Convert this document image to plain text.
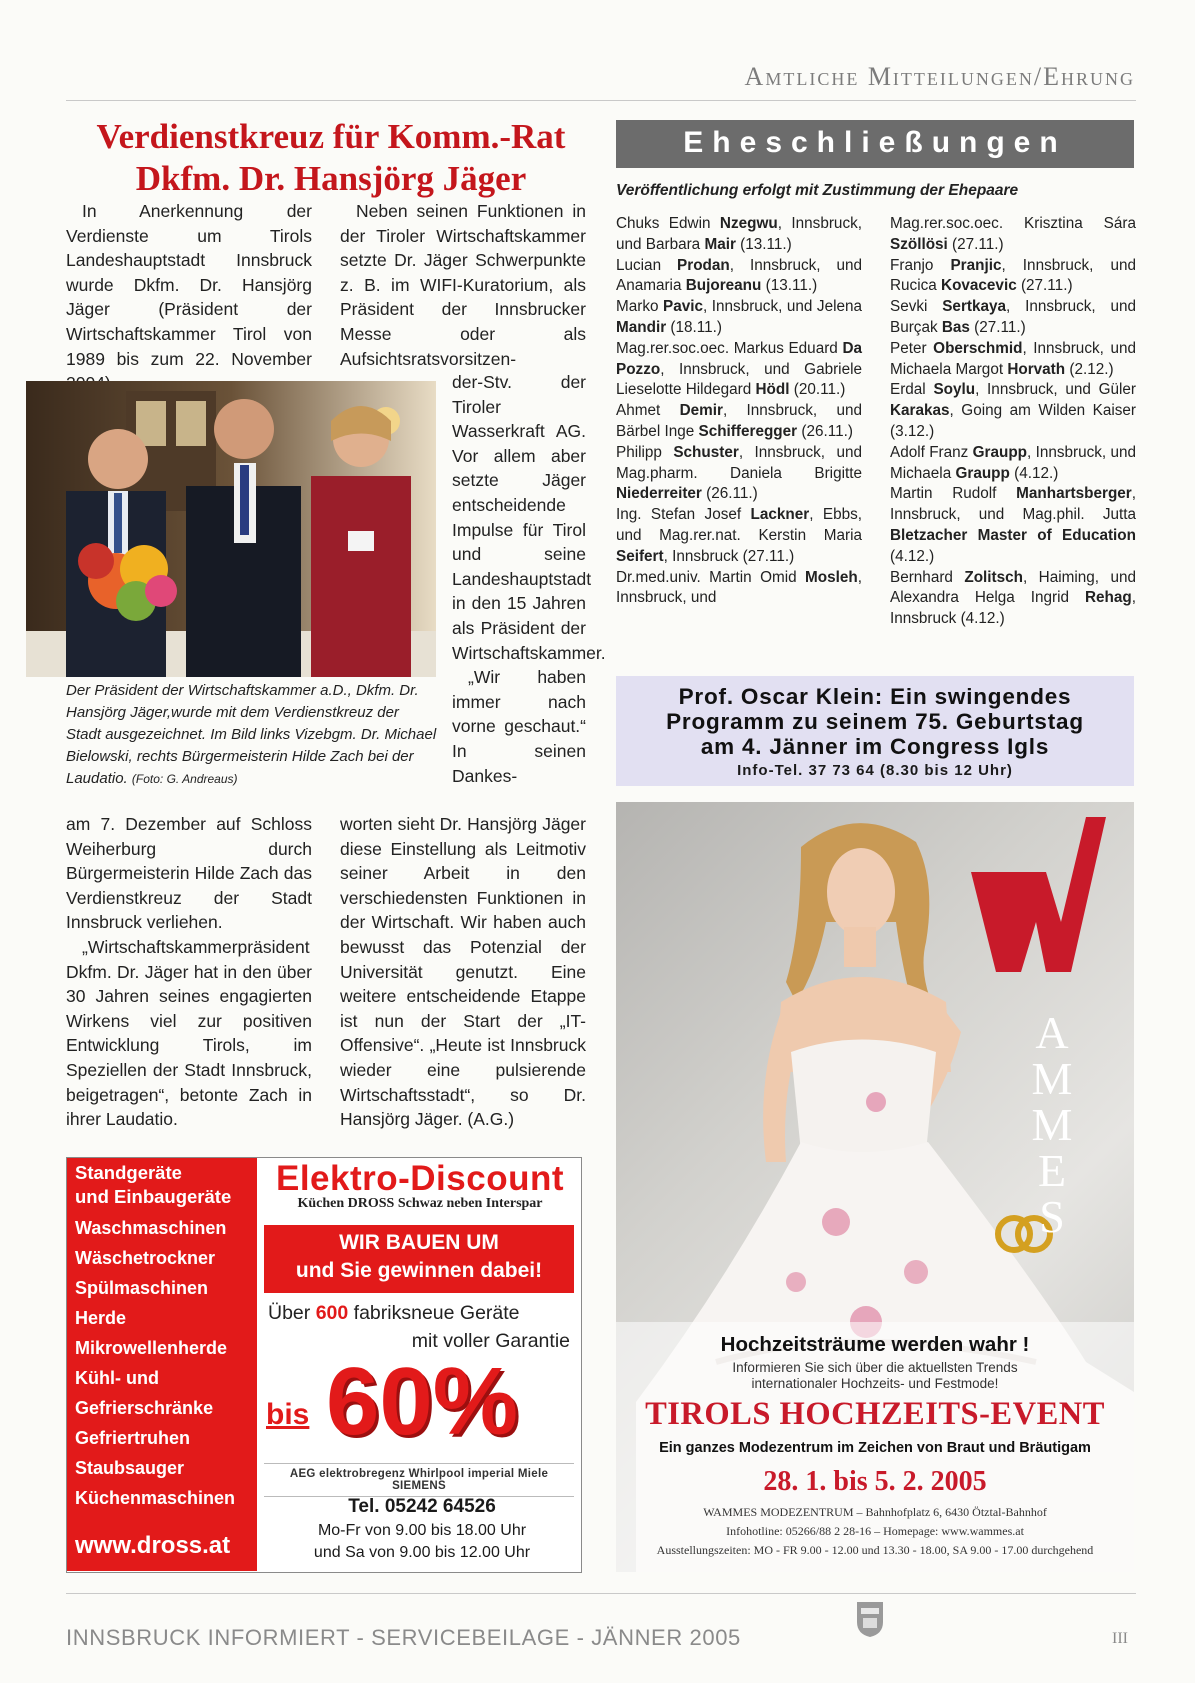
Amtliche Mitteilungen/Ehrung
Verdienstkreuz für Komm.-Rat
Dkfm. Dr. Hansjörg Jäger

In Anerkennung der Verdienste um Tirols Landeshauptstadt Innsbruck wurde Dkfm. Dr. Hansjörg Jäger (Präsident der Wirtschaftskammer Tirol von 1989 bis zum 22. November

Neben seinen Funktionen in der Tiroler Wirtschaftskammer setzte Dr. Jäger Schwerpunkte z. B. im WIFI-Kuratorium, als Präsident der Innsbrucker Messe oder als Aufsichtsratsvorsitzen-

der-Stv. der Tiroler Wasserkraft AG. Vor allem aber setzte Jäger entscheidende Impulse für Tirol und seine Landeshauptstadt in den 15 Jahren als Präsident der Wirtschaftskammer.

„Wir haben immer nach vorne geschaut.“ In seinen Dankes-

Der Präsident der Wirtschaftskammer a.D., Dkfm. Dr. Hansjörg Jäger,wurde mit dem Verdienstkreuz der Stadt ausgezeichnet. Im Bild links Vizebgm. Dr. Michael Bielowski, rechts Bürgermeisterin Hilde Zach bei der Laudatio. (Foto: G. Andreaus)

am 7. Dezember auf Schloss Weiherburg durch Bürgermeisterin Hilde Zach das Verdienstkreuz der Stadt Innsbruck verliehen.

„Wirtschaftskammerpräsident Dkfm. Dr. Jäger hat in den über 30 Jahren seines engagierten Wirkens viel zur positiven Entwicklung Tirols, im Speziellen der Stadt Innsbruck, beigetragen“, betonte Zach in ihrer Laudatio.

worten sieht Dr. Hansjörg Jäger diese Einstellung als Leitmotiv seiner Arbeit in den verschiedensten Funktionen in der Wirtschaft. Wir haben auch bewusst das Potenzial der Universität genutzt. Eine weitere entscheidende Etappe ist nun der Start der „IT-Offensive“. „Heute ist Innsbruck wieder eine pulsierende Wirtschaftsstadt“, so Dr. Hansjörg Jäger. (A.G.)

Eheschließungen
Veröffentlichung erfolgt mit Zustimmung der Ehepaare
Chuks Edwin Nzegwu, Innsbruck, und Barbara Mair (13.11.)
Lucian Prodan, Innsbruck, und Anamaria Bujoreanu (13.11.)
Marko Pavic, Innsbruck, und Jelena Mandir (18.11.)
Mag.rer.soc.oec. Markus Eduard Da Pozzo, Innsbruck, und Gabriele Lieselotte Hildegard Hödl (20.11.)
Ahmet Demir, Innsbruck, und Bärbel Inge Schifferegger (26.11.)
Philipp Schuster, Innsbruck, und Mag.pharm. Daniela Brigitte Niederreiter (26.11.)
Ing. Stefan Josef Lackner, Ebbs, und Mag.rer.nat. Kerstin Maria Seifert, Innsbruck (27.11.)
Dr.med.univ. Martin Omid Mosleh, Innsbruck, und
Mag.rer.soc.oec. Krisztina Sára Szöllösi (27.11.)
Franjo Pranjic, Innsbruck, und Rucica Kovacevic (27.11.)
Sevki Sertkaya, Innsbruck, und Burçak Bas (27.11.)
Peter Oberschmid, Innsbruck, und Michaela Margot Horvath (2.12.)
Erdal Soylu, Innsbruck, und Güler Karakas, Going am Wilden Kaiser (3.12.)
Adolf Franz Graupp, Innsbruck, und Michaela Graupp (4.12.)
Martin Rudolf Manhartsberger, Innsbruck, und Mag.phil. Jutta Bletzacher Master of Education (4.12.)
Bernhard Zolitsch, Haiming, und Alexandra Helga Ingrid Rehag, Innsbruck (4.12.)
Prof. Oscar Klein: Ein swingendes
Programm zu seinem 75. Geburtstag
am 4. Jänner im Congress Igls
Info-Tel. 37 73 64 (8.30 bis 12 Uhr)
Standgeräte
und Einbaugeräte
www.dross.at
Elektro-Discount
Küchen DROSS Schwaz neben Interspar
WIR BAUEN UM
und Sie gewinnen dabei!
Über 600 fabriksneue Geräte
mit voller Garantie
bis 60%
AEG elektrobregenz Whirlpool imperial Miele SIEMENS
Tel. 05242 64526
Mo-Fr von 9.00 bis 18.00 Uhr
und Sa von 9.00 bis 12.00 Uhr
A
M
M
E
S
Hochzeitsträume werden wahr !
Informieren Sie sich über die aktuellsten Trends
internationaler Hochzeits- und Festmode!
TIROLS HOCHZEITS-EVENT
Ein ganzes Modezentrum im Zeichen von Braut und Bräutigam
28. 1. bis 5. 2. 2005
WAMMES MODEZENTRUM – Bahnhofplatz 6, 6430 Ötztal-Bahnhof
Infohotline: 05266/88 2 28-16 – Homepage: www.wammes.at
Ausstellungszeiten: MO - FR 9.00 - 12.00 und 13.30 - 18.00, SA 9.00 - 17.00 durchgehend
INNSBRUCK INFORMIERT - SERVICEBEILAGE - JÄNNER 2005	III
Waschmaschinen
Wäschetrockner
Spülmaschinen
Herde
Mikrowellenherde
Kühl- und
Gefrierschränke
Gefriertruhen
Staubsauger
Küchenmaschinen
